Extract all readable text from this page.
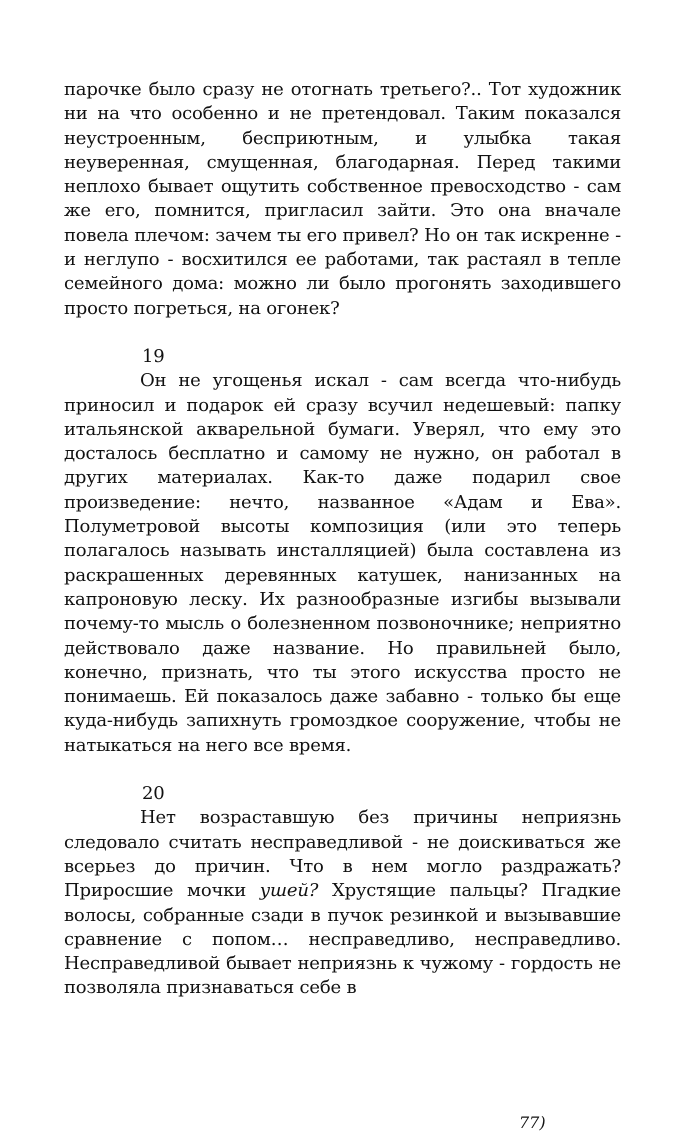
парочке было сразу не отогнать третьего?.. Тот художник ни на что особенно и не претендовал. Таким показался неустроенным, бесприютным, и улыбка такая неуверенная, смущенная, благодарная. Перед такими неплохо бывает ощутить собственное превосходство - сам же его, помнится, пригласил зайти. Это она вначале повела плечом: зачем ты его привел? Но он так искренне - и неглупо - восхитился ее работами, так растаял в тепле семейного дома: можно ли было прогонять заходившего просто погреться, на огонек?

19

Он не угощенья искал - сам всегда что-нибудь приносил и подарок ей сразу всучил недешевый: папку итальянской акварельной бумаги. Уверял, что ему это досталось бесплатно и самому не нужно, он работал в других материалах. Как-то даже подарил свое произведение: нечто, названное «Адам и Ева». Полуметровой высоты композиция (или это теперь полагалось называть инсталляцией) была составлена из раскрашенных деревянных катушек, нанизанных на капроновую леску. Их разнообразные изгибы вызывали почему-то мысль о болезненном позвоночнике; неприятно действовало даже название. Но правильней было, конечно, признать, что ты этого искусства просто не понимаешь. Ей показалось даже забавно - только бы еще куда-нибудь запихнуть громоздкое сооружение, чтобы не натыкаться на него все время.

20

Нет возраставшую без причины неприязнь следовало считать несправедливой - не доискиваться же всерьез до причин. Что в нем могло раздражать? Приросшие мочки ушей? Хрустящие пальцы? Пгадкие волосы, собранные сзади в пучок резинкой и вызывавшие сравнение с попом… несправедливо, несправедливо. Несправедливой бывает неприязнь к чужому - гордость не позволяла признаваться себе в

77)
